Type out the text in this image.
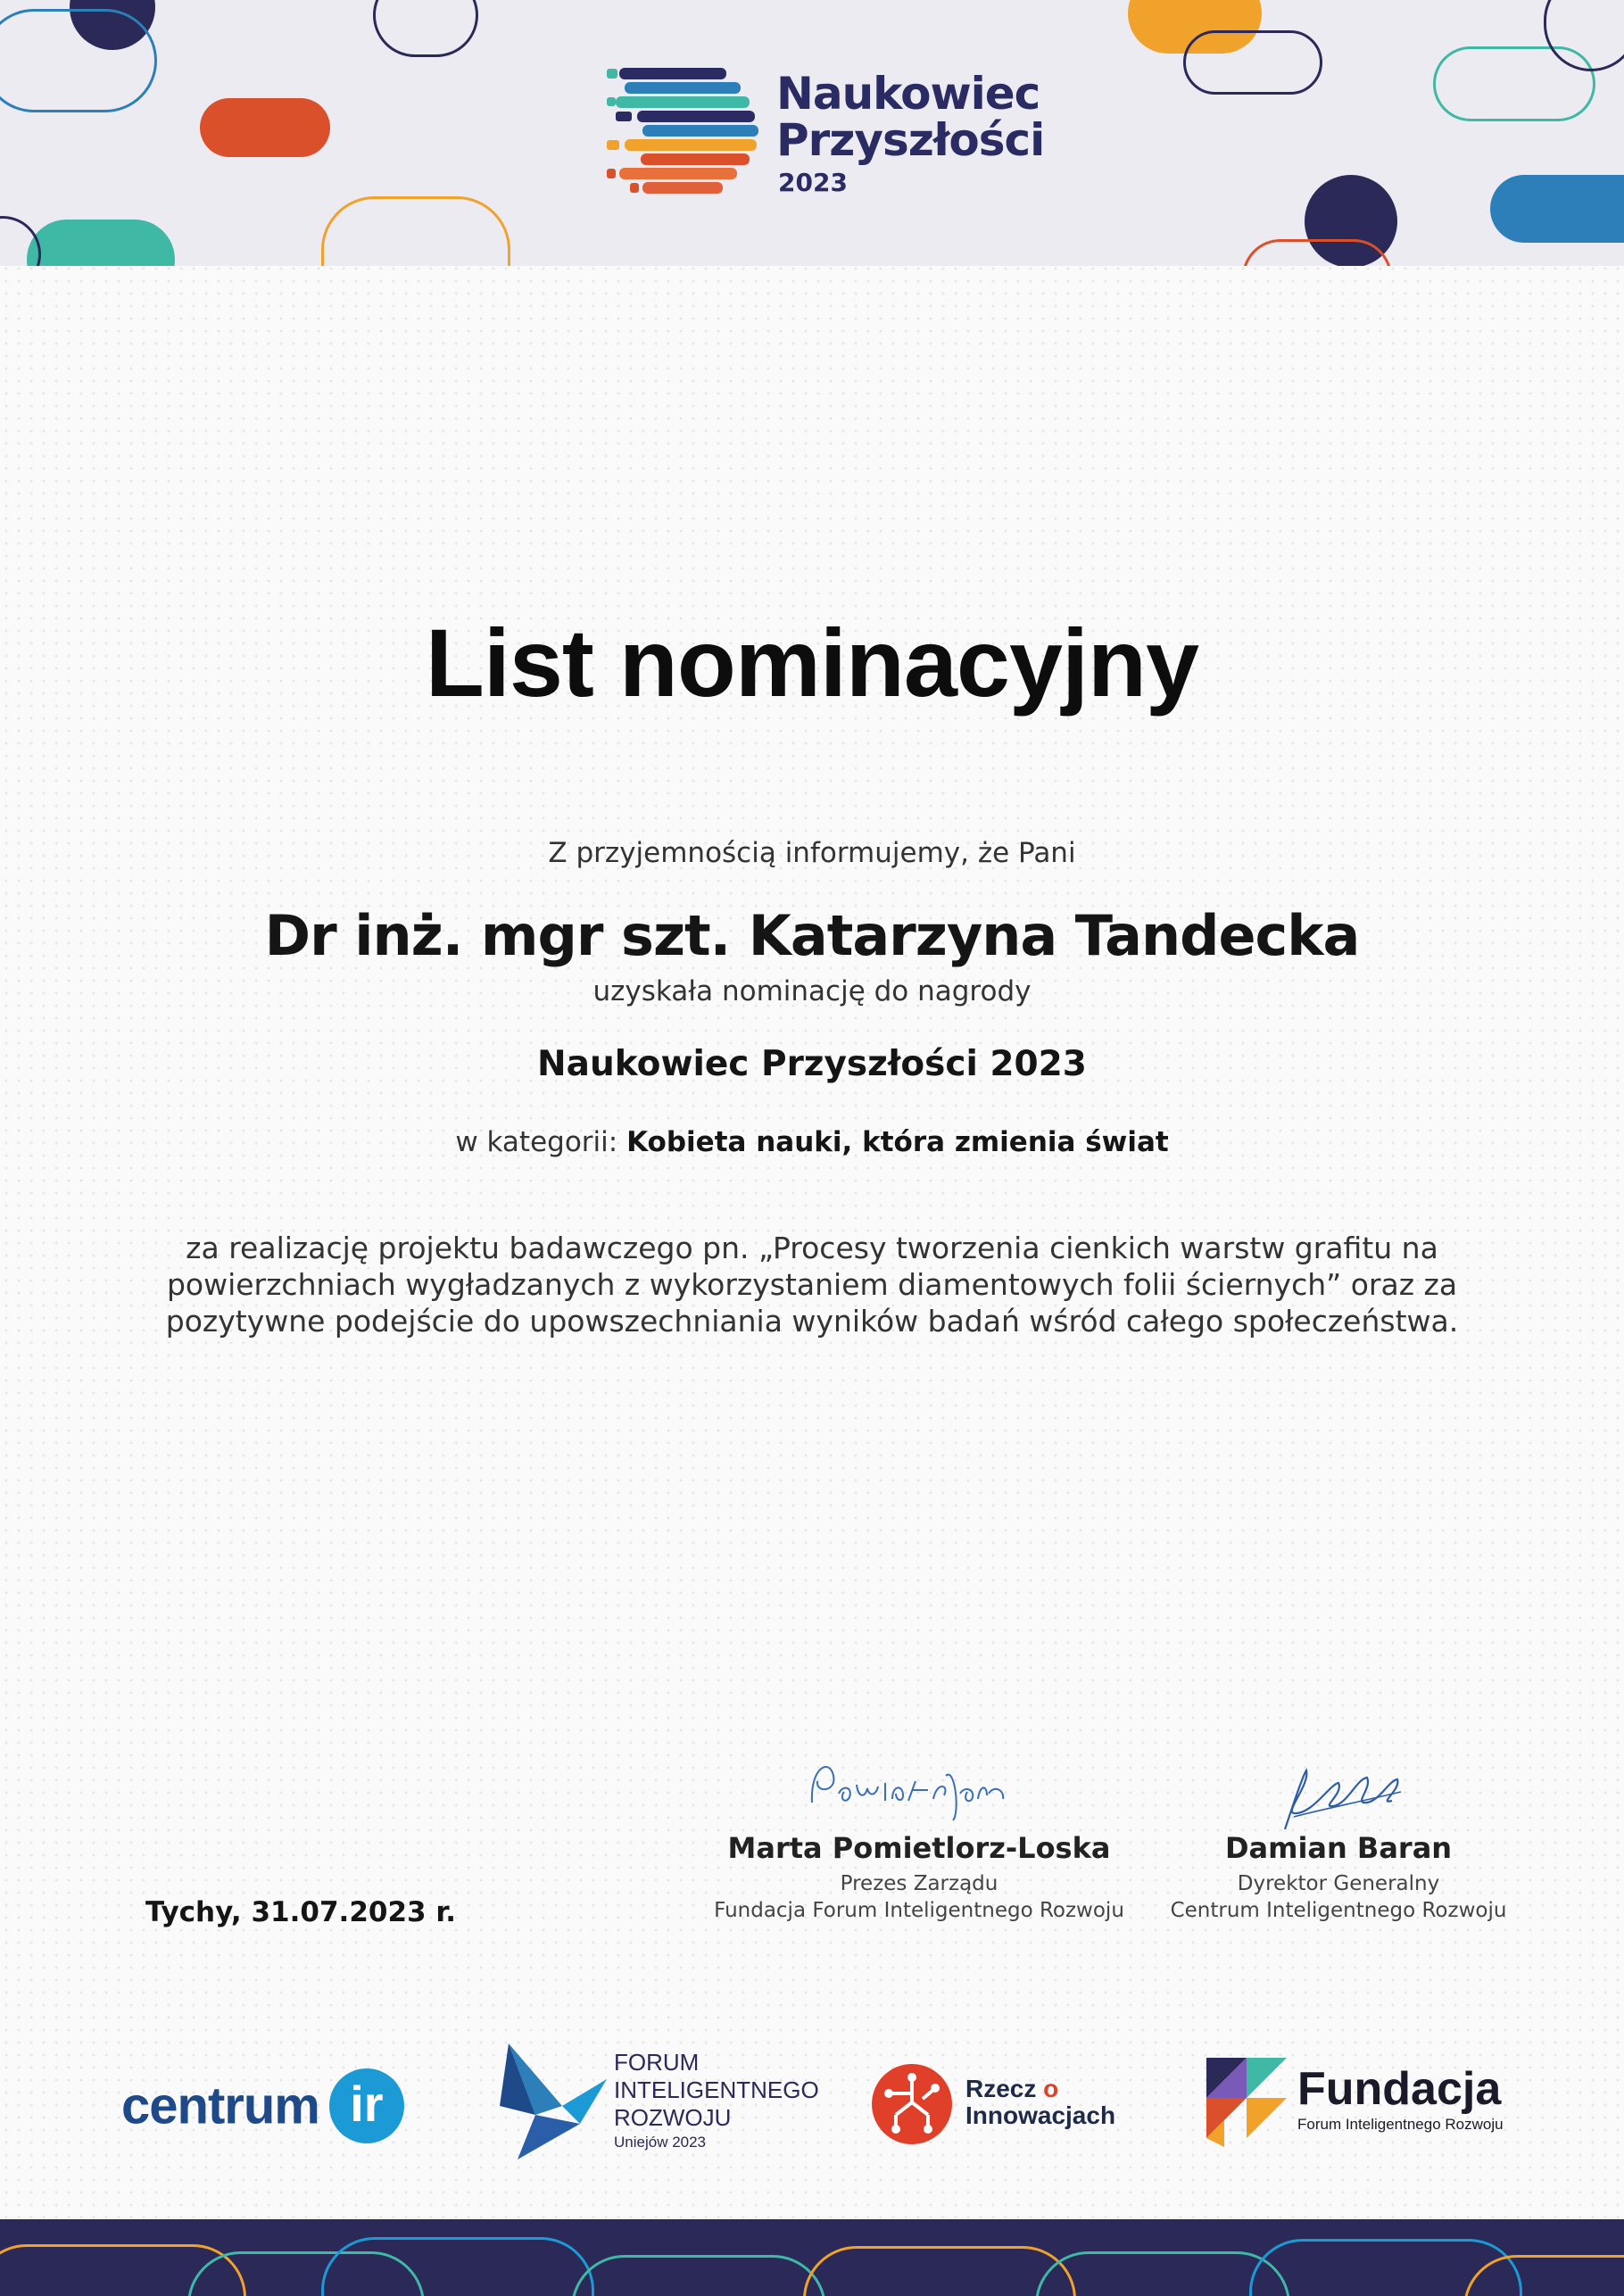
Naukowiec
Przyszłości
2023
List nominacyjny
Z przyjemnością informujemy, że Pani
Dr inż. mgr szt. Katarzyna Tandecka
uzyskała nominację do nagrody
Naukowiec Przyszłości 2023
w kategorii: Kobieta nauki, która zmienia świat
za realizację projektu badawczego pn. „Procesy tworzenia cienkich warstw grafitu na
powierzchniach wygładzanych z wykorzystaniem diamentowych folii ściernych” oraz za
pozytywne podejście do upowszechniania wyników badań wśród całego społeczeństwa.
Marta Pomietlorz-Loska
Prezes Zarządu
Fundacja Forum Inteligentnego Rozwoju
Damian Baran
Dyrektor Generalny
Centrum Inteligentnego Rozwoju
Tychy, 31.07.2023 r.
centrum ir
FORUM
INTELIGENTNEGO
ROZWOJU
Uniejów 2023
Rzecz o
Innowacjach
Fundacja
Forum Inteligentnego Rozwoju
